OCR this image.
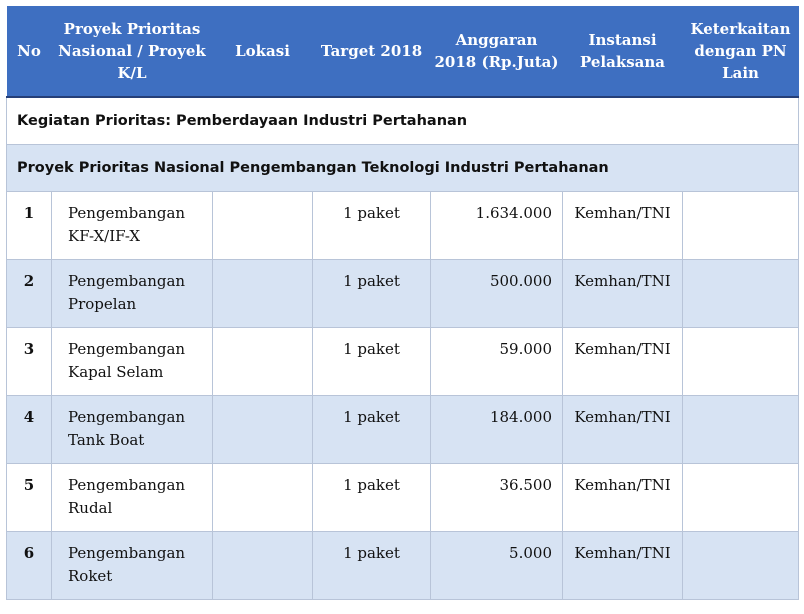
No	Proyek Prioritas Nasional / Proyek K/L	Lokasi	Target 2018	Anggaran 2018 (Rp.Juta)	Instansi Pelaksana	Keterkaitan dengan PN Lain
Kegiatan Prioritas: Pemberdayaan Industri Pertahanan						
Proyek Prioritas Nasional Pengembangan Teknologi Industri Pertahanan						
1	Pengembangan KF-X/IF-X		1 paket	1.634.000	Kemhan/TNI	
2	Pengembangan Propelan		1 paket	500.000	Kemhan/TNI	
3	Pengembangan Kapal Selam		1 paket	59.000	Kemhan/TNI	
4	Pengembangan Tank Boat		1 paket	184.000	Kemhan/TNI	
5	Pengembangan Rudal		1 paket	36.500	Kemhan/TNI	
6	Pengembangan Roket		1 paket	5.000	Kemhan/TNI	
